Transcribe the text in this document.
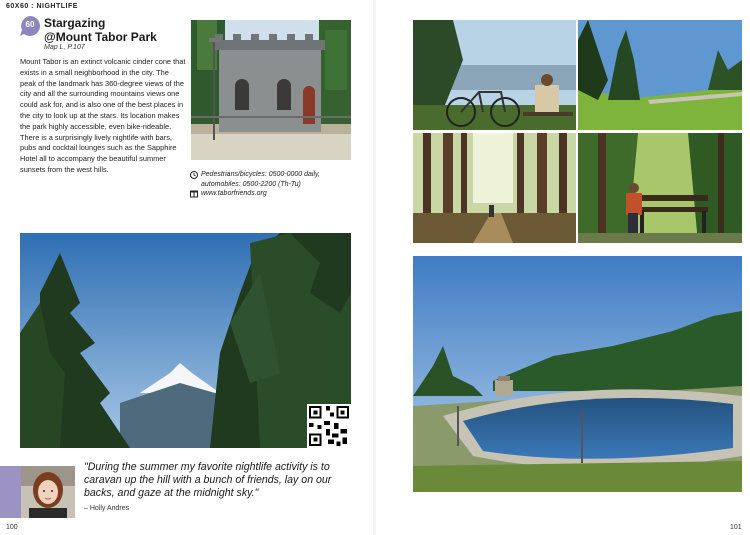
60X60 : NIGHTLIFE
60 Stargazing
@Mount Tabor Park
Map L, P.107
Mount Tabor is an extinct volcanic cinder cone that exists in a small neighborhood in the city. The peak of the landmark has 360-degree views of the city and all the surrounding mountains views one could ask for, and is also one of the best places in the city to look up at the stars. Its location makes the park highly accessible, even bike-rideable. There is a surprisingly lively nightlife with bars, pubs and cocktail lounges such as the Sapphire Hotel all to accompany the beautiful summer sunsets from the west hills.
Pedestrians/bicycles: 0500-0000 daily, automobiles: 0500-2200 (Th-Tu)
www.taborfriends.org
"During the summer my favorite nightlife activity is to caravan up the hill with a bunch of friends, lay on our backs, and gaze at the midnight sky."
– Holly Andres
100	101
